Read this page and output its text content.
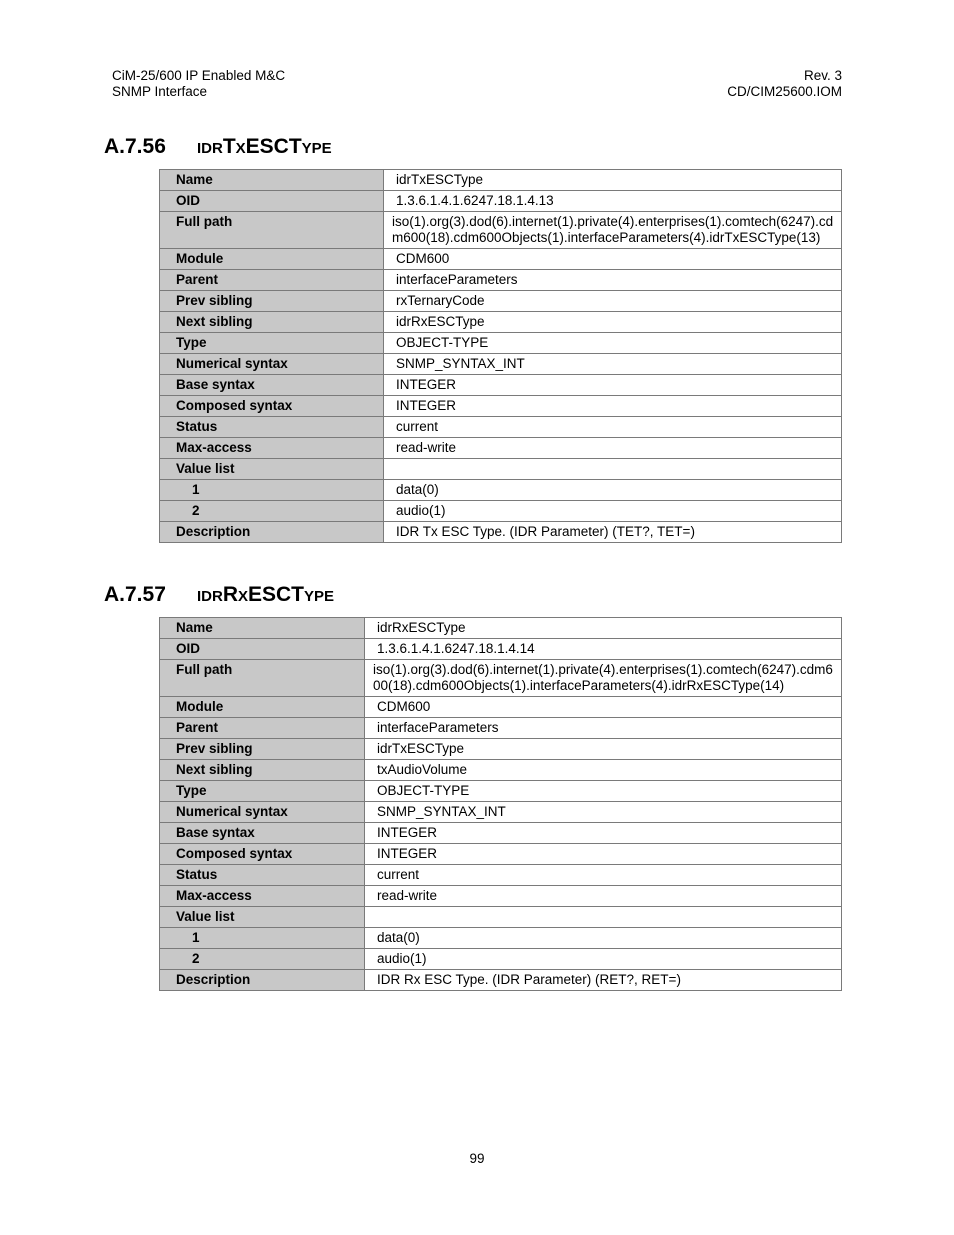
CiM-25/600 IP Enabled M&C
SNMP Interface
Rev. 3
CD/CIM25600.IOM
A.7.56	idrTxESCType
Name	idrTxESCType
OID	1.3.6.1.4.1.6247.18.1.4.13
Full path	iso(1).org(3).dod(6).internet(1).private(4).enterprises(1).comtech(6247).cdm600(18).cdm600Objects(1).interfaceParameters(4).idrTxESCType(13)
Module	CDM600
Parent	interfaceParameters
Prev sibling	rxTernaryCode
Next sibling	idrRxESCType
Type	OBJECT-TYPE
Numerical syntax	SNMP_SYNTAX_INT
Base syntax	INTEGER
Composed syntax	INTEGER
Status	current
Max-access	read-write
Value list	
1	data(0)
2	audio(1)
Description	IDR Tx ESC Type. (IDR Parameter) (TET?, TET=)
A.7.57	idrRxESCType
Name	idrRxESCType
OID	1.3.6.1.4.1.6247.18.1.4.14
Full path	iso(1).org(3).dod(6).internet(1).private(4).enterprises(1).comtech(6247).cdm600(18).cdm600Objects(1).interfaceParameters(4).idrRxESCType(14)
Module	CDM600
Parent	interfaceParameters
Prev sibling	idrTxESCType
Next sibling	txAudioVolume
Type	OBJECT-TYPE
Numerical syntax	SNMP_SYNTAX_INT
Base syntax	INTEGER
Composed syntax	INTEGER
Status	current
Max-access	read-write
Value list	
1	data(0)
2	audio(1)
Description	IDR Rx ESC Type. (IDR Parameter) (RET?, RET=)
99
